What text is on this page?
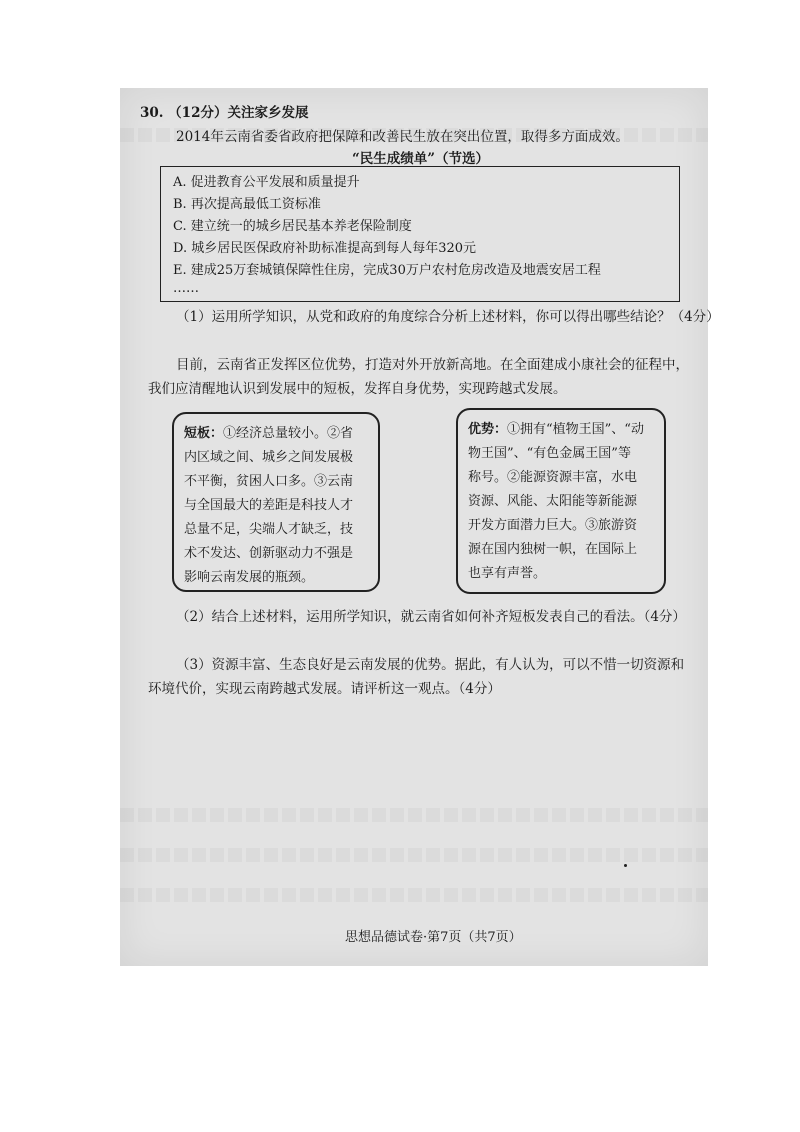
30. （12分）关注家乡发展
2014年云南省委省政府把保障和改善民生放在突出位置，取得多方面成效。
“民生成绩单”（节选）
A. 促进教育公平发展和质量提升
B. 再次提高最低工资标准
C. 建立统一的城乡居民基本养老保险制度
D. 城乡居民医保政府补助标准提高到每人每年320元
E. 建成25万套城镇保障性住房，完成30万户农村危房改造及地震安居工程
……
（1）运用所学知识，从党和政府的角度综合分析上述材料，你可以得出哪些结论？（4分）
目前，云南省正发挥区位优势，打造对外开放新高地。在全面建成小康社会的征程中，
我们应清醒地认识到发展中的短板，发挥自身优势，实现跨越式发展。
短板：①经济总量较小。②省
内区域之间、城乡之间发展极
不平衡，贫困人口多。③云南
与全国最大的差距是科技人才
总量不足，尖端人才缺乏，技
术不发达、创新驱动力不强是
影响云南发展的瓶颈。
优势：①拥有“植物王国”、“动
物王国”、“有色金属王国”等
称号。②能源资源丰富，水电
资源、风能、太阳能等新能源
开发方面潜力巨大。③旅游资
源在国内独树一帜，在国际上
也享有声誉。
（2）结合上述材料，运用所学知识，就云南省如何补齐短板发表自己的看法。（4分）
（3）资源丰富、生态良好是云南发展的优势。据此，有人认为，可以不惜一切资源和
环境代价，实现云南跨越式发展。请评析这一观点。（4分）
思想品德试卷·第7页（共7页）
